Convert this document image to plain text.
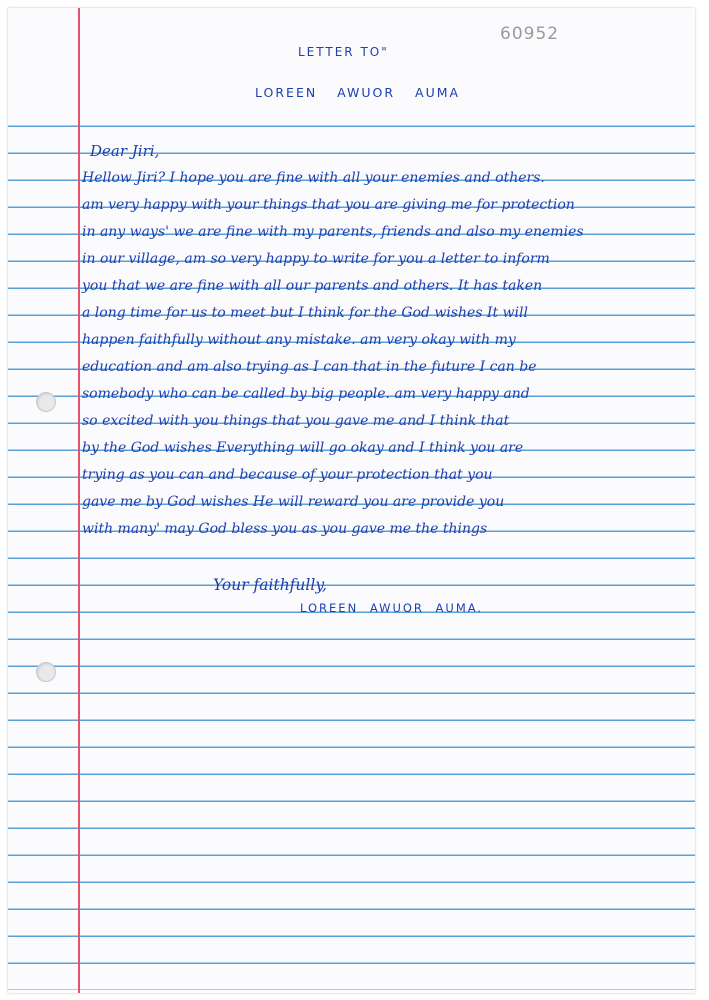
60952
LETTER TO"
LOREEN AWUOR AUMA
Dear Jiri,
Hellow Jiri? I hope you are fine with all your enemies and others.
am very happy with your things that you are giving me for protection
in any ways' we are fine with my parents, friends and also my enemies
in our village, am so very happy to write for you a letter to inform
you that we are fine with all our parents and others. It has taken
a long time for us to meet but I think for the God wishes It will
happen faithfully without any mistake. am very okay with my
education and am also trying as I can that in the future I can be
somebody who can be called by big people. am very happy and
so excited with you things that you gave me and I think that
by the God wishes Everything will go okay and I think you are
trying as you can and because of your protection that you
gave me by God wishes He will reward you are provide you
with many' may God bless you as you gave me the things
Your faithfully,
LOREEN AWUOR AUMA.
